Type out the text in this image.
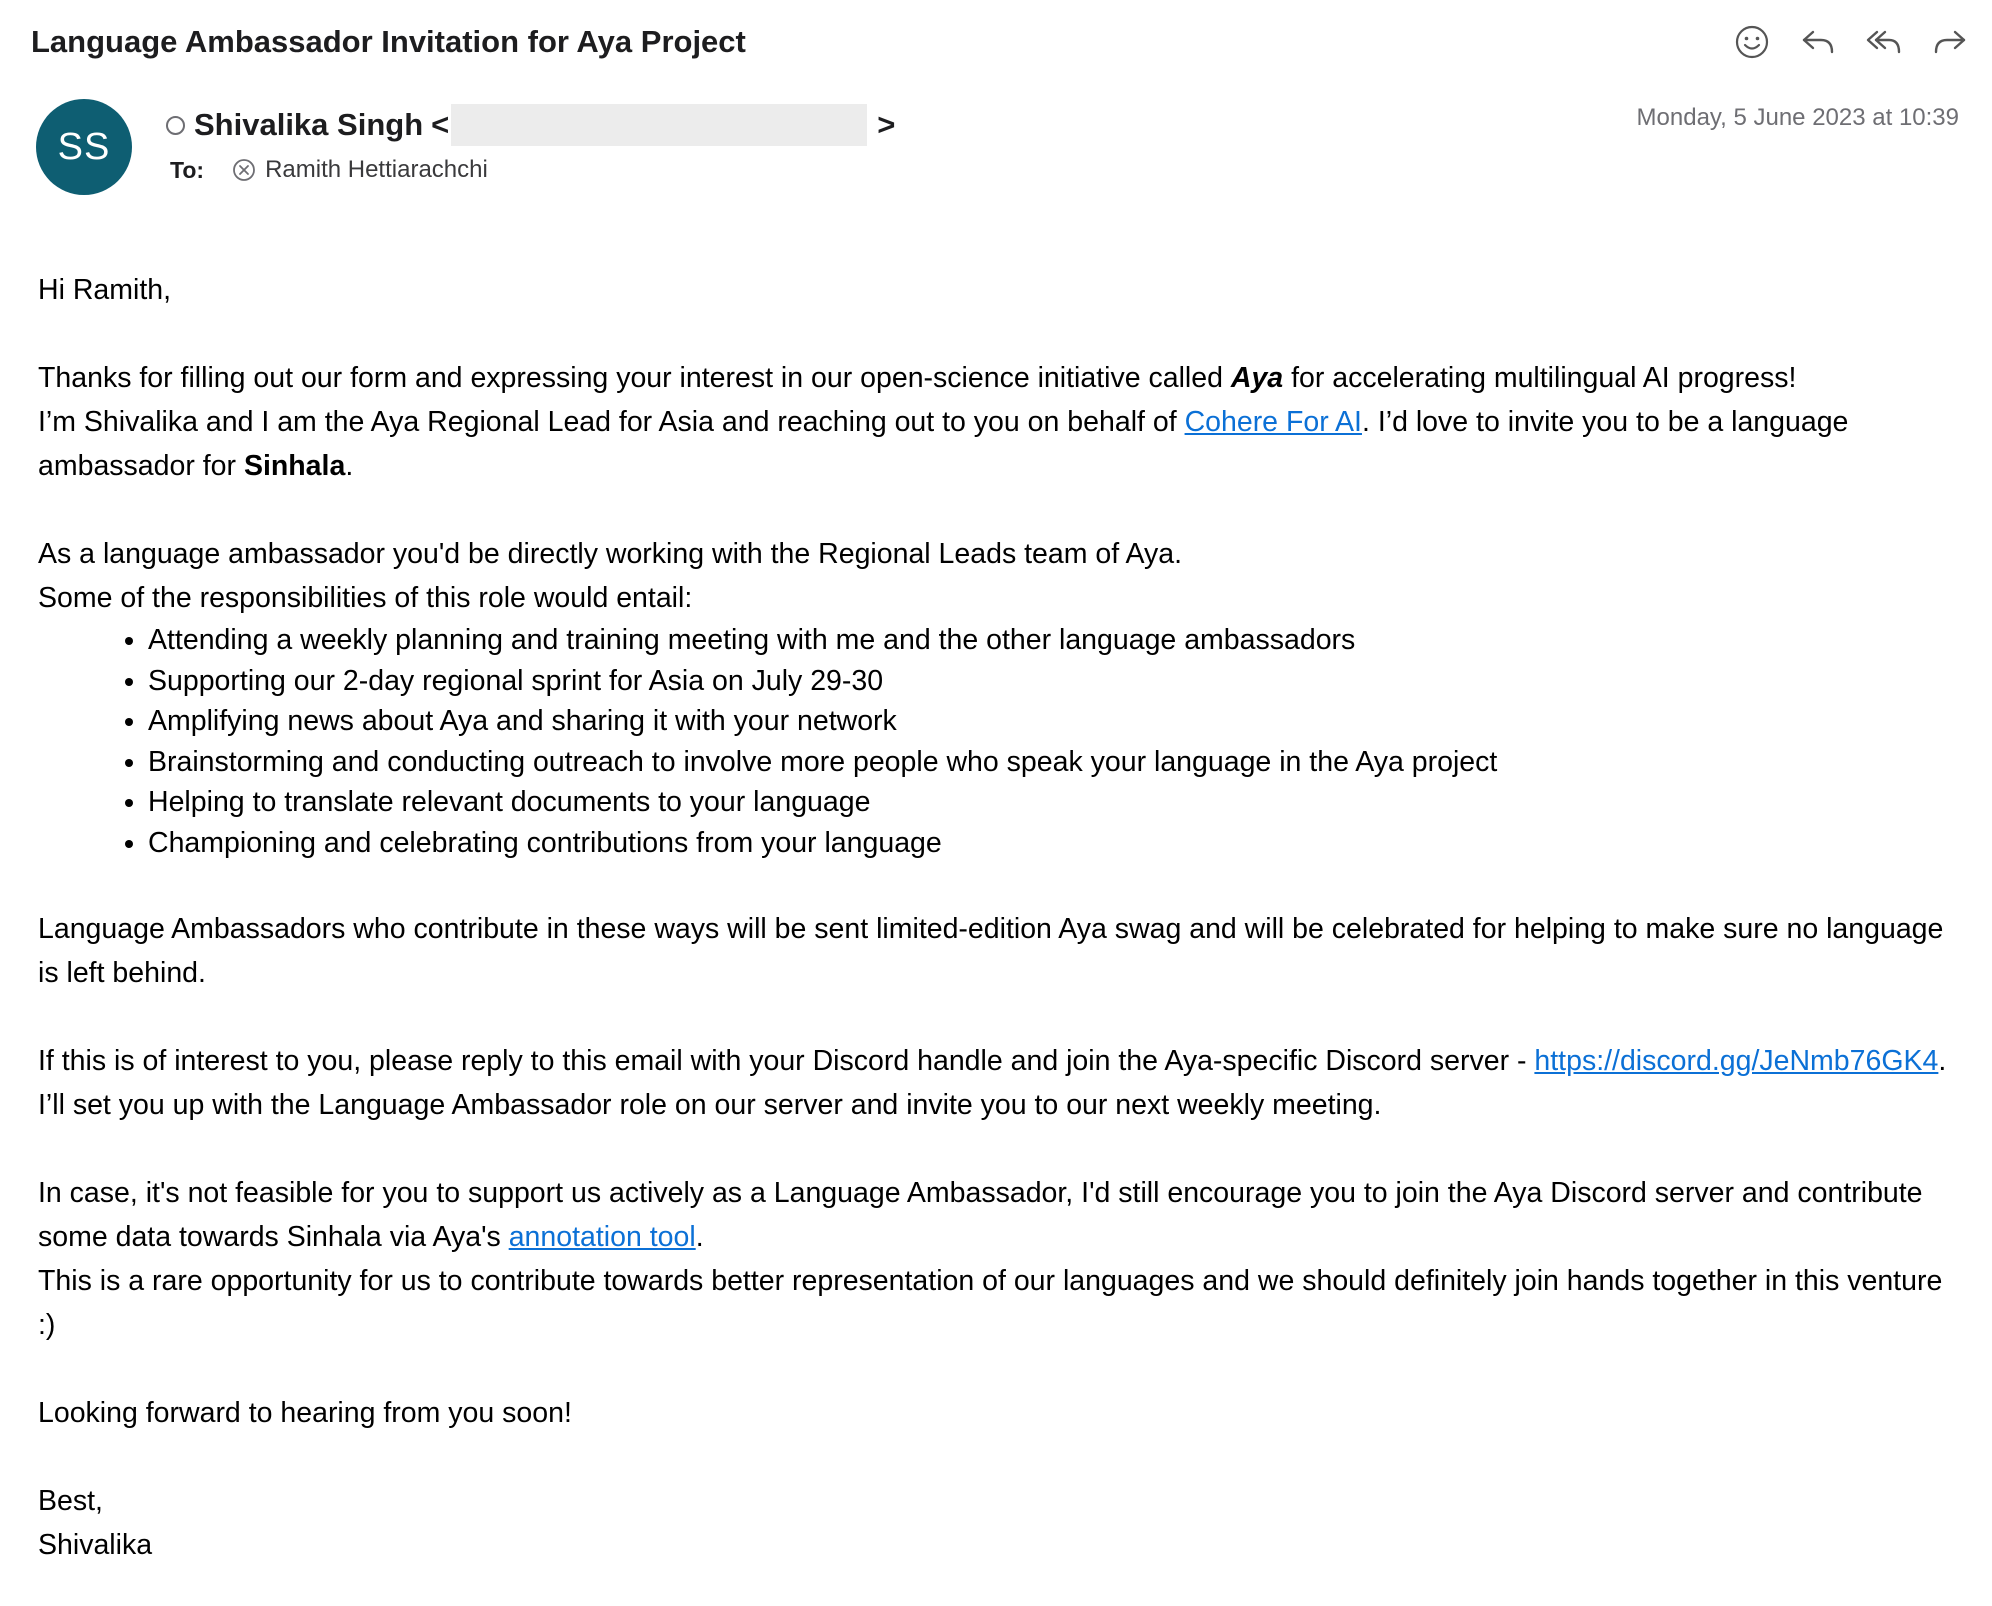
Language Ambassador Invitation for Aya Project
SS
Shivalika Singh <	>
To:	Ramith Hettiarachchi
Monday, 5 June 2023 at 10:39

Hi Ramith,

Thanks for filling out our form and expressing your interest in our open-science initiative called Aya for accelerating multilingual AI progress!

I’m Shivalika and I am the Aya Regional Lead for Asia and reaching out to you on behalf of Cohere For AI. I’d love to invite you to be a language ambassador for Sinhala.

As a language ambassador you'd be directly working with the Regional Leads team of Aya.

Some of the responsibilities of this role would entail:

• Attending a weekly planning and training meeting with me and the other language ambassadors
• Supporting our 2-day regional sprint for Asia on July 29-30
• Amplifying news about Aya and sharing it with your network
• Brainstorming and conducting outreach to involve more people who speak your language in the Aya project
• Helping to translate relevant documents to your language
• Championing and celebrating contributions from your language

Language Ambassadors who contribute in these ways will be sent limited-edition Aya swag and will be celebrated for helping to make sure no language is left behind.

If this is of interest to you, please reply to this email with your Discord handle and join the Aya-specific Discord server - https://discord.gg/JeNmb76GK4.

I’ll set you up with the Language Ambassador role on our server and invite you to our next weekly meeting.

In case, it's not feasible for you to support us actively as a Language Ambassador, I'd still encourage you to join the Aya Discord server and contribute some data towards Sinhala via Aya's annotation tool.

This is a rare opportunity for us to contribute towards better representation of our languages and we should definitely join hands together in this venture :)

Looking forward to hearing from you soon!

Best,

Shivalika
